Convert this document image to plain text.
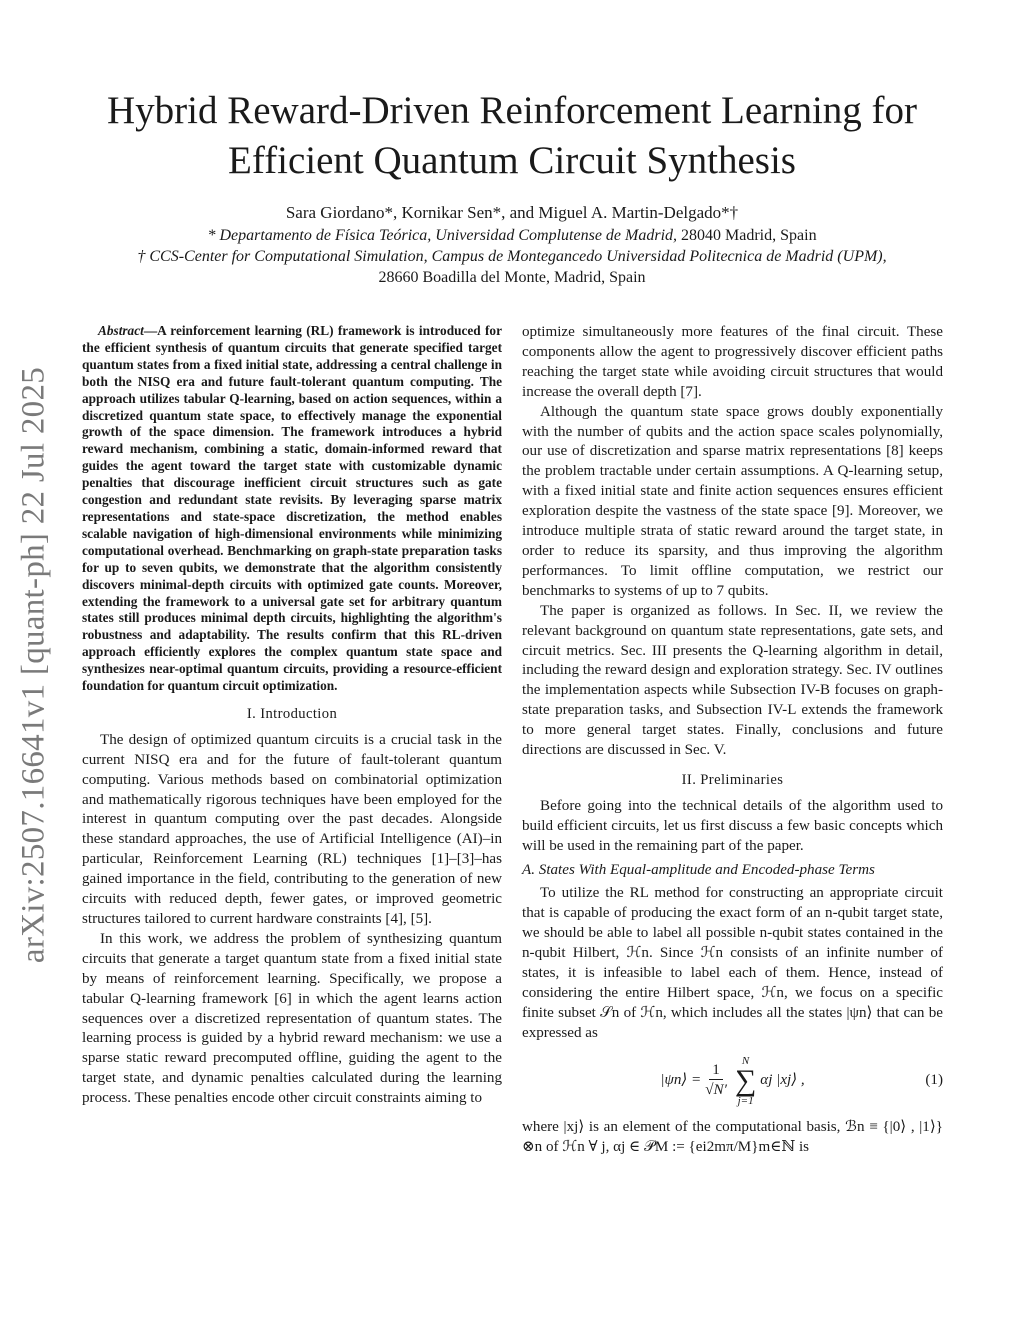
arXiv:2507.16641v1 [quant-ph] 22 Jul 2025
Hybrid Reward-Driven Reinforcement Learning for
Efficient Quantum Circuit Synthesis
Sara Giordano*, Kornikar Sen*, and Miguel A. Martin-Delgado*†
* Departamento de Física Teórica, Universidad Complutense de Madrid, 28040 Madrid, Spain
† CCS-Center for Computational Simulation, Campus de Montegancedo Universidad Politecnica de Madrid (UPM),
28660 Boadilla del Monte, Madrid, Spain

Abstract—A reinforcement learning (RL) framework is introduced for the efficient synthesis of quantum circuits that generate specified target quantum states from a fixed initial state, addressing a central challenge in both the NISQ era and future fault-tolerant quantum computing. The approach utilizes tabular Q-learning, based on action sequences, within a discretized quantum state space, to effectively manage the exponential growth of the space dimension. The framework introduces a hybrid reward mechanism, combining a static, domain-informed reward that guides the agent toward the target state with customizable dynamic penalties that discourage inefficient circuit structures such as gate congestion and redundant state revisits. By leveraging sparse matrix representations and state-space discretization, the method enables scalable navigation of high-dimensional environments while minimizing computational overhead. Benchmarking on graph-state preparation tasks for up to seven qubits, we demonstrate that the algorithm consistently discovers minimal-depth circuits with optimized gate counts. Moreover, extending the framework to a universal gate set for arbitrary quantum states still produces minimal depth circuits, highlighting the algorithm's robustness and adaptability. The results confirm that this RL-driven approach efficiently explores the complex quantum state space and synthesizes near-optimal quantum circuits, providing a resource-efficient foundation for quantum circuit optimization.

I. Introduction

The design of optimized quantum circuits is a crucial task in the current NISQ era and for the future of fault-tolerant quantum computing. Various methods based on combinatorial optimization and mathematically rigorous techniques have been employed for the interest in quantum computing over the past decades. Alongside these standard approaches, the use of Artificial Intelligence (AI)–in particular, Reinforcement Learning (RL) techniques [1]–[3]–has gained importance in the field, contributing to the generation of new circuits with reduced depth, fewer gates, or improved geometric structures tailored to current hardware constraints [4], [5].

In this work, we address the problem of synthesizing quantum circuits that generate a target quantum state from a fixed initial state by means of reinforcement learning. Specifically, we propose a tabular Q-learning framework [6] in which the agent learns action sequences over a discretized representation of quantum states. The learning process is guided by a hybrid reward mechanism: we use a sparse static reward precomputed offline, guiding the agent to the target state, and dynamic penalties calculated during the learning process. These penalties encode other circuit constraints aiming to

optimize simultaneously more features of the final circuit. These components allow the agent to progressively discover efficient paths reaching the target state while avoiding circuit structures that would increase the overall depth [7].

Although the quantum state space grows doubly exponentially with the number of qubits and the action space scales polynomially, our use of discretization and sparse matrix representations [8] keeps the problem tractable under certain assumptions. A Q-learning setup, with a fixed initial state and finite action sequences ensures efficient exploration despite the vastness of the state space [9]. Moreover, we introduce multiple strata of static reward around the target state, in order to reduce its sparsity, and thus improving the algorithm performances. To limit offline computation, we restrict our benchmarks to systems of up to 7 qubits.

The paper is organized as follows. In Sec. II, we review the relevant background on quantum state representations, gate sets, and circuit metrics. Sec. III presents the Q-learning algorithm in detail, including the reward design and exploration strategy. Sec. IV outlines the implementation aspects while Subsection IV-B focuses on graph-state preparation tasks, and Subsection IV-L extends the framework to more general target states. Finally, conclusions and future directions are discussed in Sec. V.

II. Preliminaries

Before going into the technical details of the algorithm used to build efficient circuits, let us first discuss a few basic concepts which will be used in the remaining part of the paper.

A. States With Equal-amplitude and Encoded-phase Terms

To utilize the RL method for constructing an appropriate circuit that is capable of producing the exact form of an n-qubit target state, we should be able to label all possible n-qubit states contained in the n-qubit Hilbert, ℋn. Since ℋn consists of an infinite number of states, it is infeasible to label each of them. Hence, instead of considering the entire Hilbert space, ℋn, we focus on a specific finite subset 𝒮n of ℋn, which includes all the states |ψn⟩ that can be expressed as

|ψn⟩ = $\frac{1}{√N'}$
N
∑
j=1
αj |xj⟩ ,	(1)

where |xj⟩ is an element of the computational basis, ℬn ≡ {|0⟩ , |1⟩}⊗n of ℋn ∀ j, αj ∈ 𝒫M := {ei2mπ/M}m∈ℕ is
